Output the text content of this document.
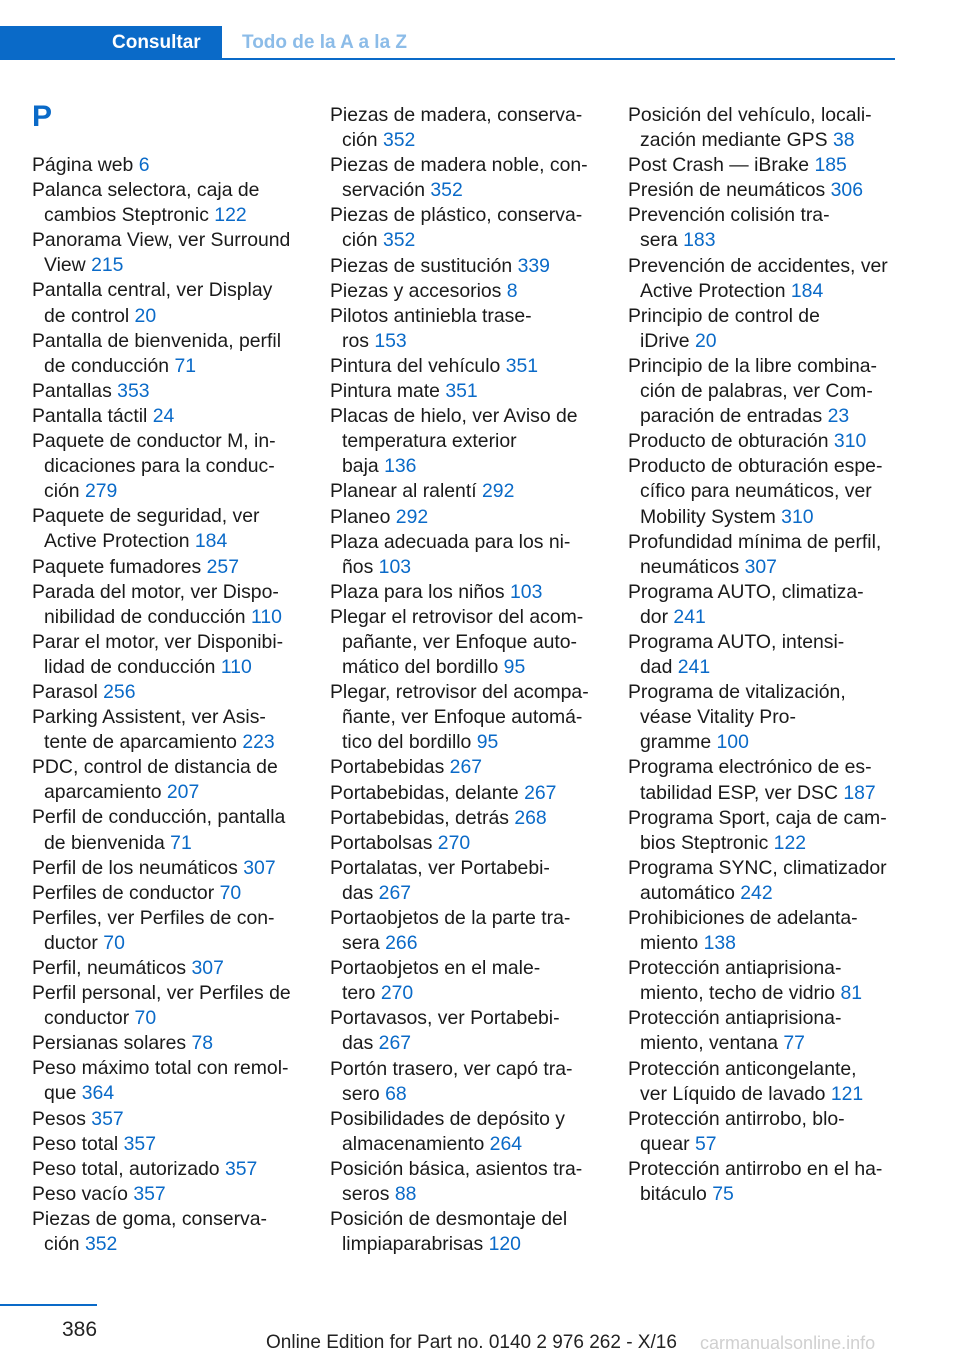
Consultar Todo de la A a la Z
P
Página web 6
Palanca selectora, caja de
cambios Steptronic 122
Panorama View, ver Surround
View 215
Pantalla central, ver Display
de control 20
Pantalla de bienvenida, perfil
de conducción 71
Pantallas 353
Pantalla táctil 24
Paquete de conductor M, in-
dicaciones para la conduc-
ción 279
Paquete de seguridad, ver
Active Protection 184
Paquete fumadores 257
Parada del motor, ver Dispo-
nibilidad de conducción 110
Parar el motor, ver Disponibi-
lidad de conducción 110
Parasol 256
Parking Assistent, ver Asis-
tente de aparcamiento 223
PDC, control de distancia de
aparcamiento 207
Perfil de conducción, pantalla
de bienvenida 71
Perfil de los neumáticos 307
Perfiles de conductor 70
Perfiles, ver Perfiles de con-
ductor 70
Perfil, neumáticos 307
Perfil personal, ver Perfiles de
conductor 70
Persianas solares 78
Peso máximo total con remol-
que 364
Pesos 357
Peso total 357
Peso total, autorizado 357
Peso vacío 357
Piezas de goma, conserva-
ción 352
Piezas de madera, conserva-
ción 352
Piezas de madera noble, con-
servación 352
Piezas de plástico, conserva-
ción 352
Piezas de sustitución 339
Piezas y accesorios 8
Pilotos antiniebla trase-
ros 153
Pintura del vehículo 351
Pintura mate 351
Placas de hielo, ver Aviso de
temperatura exterior
baja 136
Planear al ralentí 292
Planeo 292
Plaza adecuada para los ni-
ños 103
Plaza para los niños 103
Plegar el retrovisor del acom-
pañante, ver Enfoque auto-
mático del bordillo 95
Plegar, retrovisor del acompa-
ñante, ver Enfoque automá-
tico del bordillo 95
Portabebidas 267
Portabebidas, delante 267
Portabebidas, detrás 268
Portabolsas 270
Portalatas, ver Portabebi-
das 267
Portaobjetos de la parte tra-
sera 266
Portaobjetos en el male-
tero 270
Portavasos, ver Portabebi-
das 267
Portón trasero, ver capó tra-
sero 68
Posibilidades de depósito y
almacenamiento 264
Posición básica, asientos tra-
seros 88
Posición de desmontaje del
limpiaparabrisas 120
Posición del vehículo, locali-
zación mediante GPS 38
Post Crash — iBrake 185
Presión de neumáticos 306
Prevención colisión tra-
sera 183
Prevención de accidentes, ver
Active Protection 184
Principio de control de
iDrive 20
Principio de la libre combina-
ción de palabras, ver Com-
paración de entradas 23
Producto de obturación 310
Producto de obturación espe-
cífico para neumáticos, ver
Mobility System 310
Profundidad mínima de perfil,
neumáticos 307
Programa AUTO, climatiza-
dor 241
Programa AUTO, intensi-
dad 241
Programa de vitalización,
véase Vitality Pro-
gramme 100
Programa electrónico de es-
tabilidad ESP, ver DSC 187
Programa Sport, caja de cam-
bios Steptronic 122
Programa SYNC, climatizador
automático 242
Prohibiciones de adelanta-
miento 138
Protección antiaprisiona-
miento, techo de vidrio 81
Protección antiaprisiona-
miento, ventana 77
Protección anticongelante,
ver Líquido de lavado 121
Protección antirrobo, blo-
quear 57
Protección antirrobo en el ha-
bitáculo 75
386
Online Edition for Part no. 0140 2 976 262 - X/16 carmanualsonline.info
